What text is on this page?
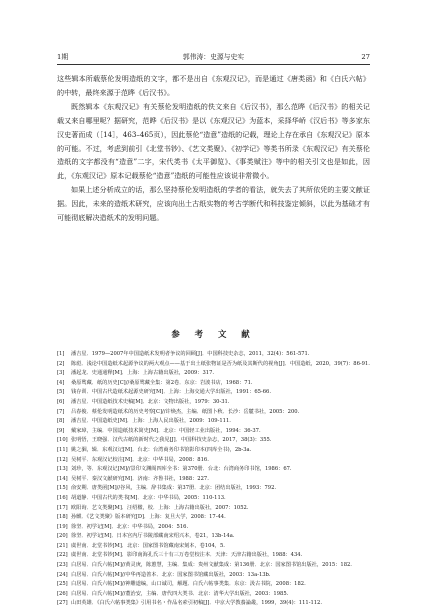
1期	郭伟涛：史源与史实	27

这些辑本所载蔡伦发明造纸的文字，都不是出自《东观汉记》，而是通过《唐类函》和《白氏六帖》的中转，最终来源于范晔《后汉书》。

既然辑本《东观汉记》有关蔡伦发明造纸的佚文来自《后汉书》，那么范晔《后汉书》的相关记载又来自哪里呢？据研究，范晔《后汉书》是以《东观汉记》为蓝本，采择华峤《汉后书》等多家东汉史著而成（［14］，463–465页），因此蔡伦“造意”造纸的记载，理论上存在承自《东观汉记》原本的可能。不过，考虑到前引《北堂书钞》、《艺文类聚》、《初学记》等类书所录《东观汉记》有关蔡伦造纸的文字都没有“造意”二字，宋代类书《太平御览》、《事类赋注》等中的相关引文也是如此，因此，《东观汉记》原本记载蔡伦“造意”造纸的可能性应该说非常微小。

如果上述分析成立的话，那么坚持蔡伦发明造纸的学者的看法，就失去了其所依凭的主要文献证据。因此，未来的造纸术研究，应该向出土古纸实物的考古学断代和科技鉴定倾斜，以此为基础才有可能彻底解决造纸术的发明问题。

参 考 文 献
[1] 潘吉星．1979—2007年中国造纸术发明者争议的回顾[J]．中国科技史杂志，2011，32(4)：561-571.
[2] 陈彪．浅论中国造纸术起源争议的两大观点——基于出土纸张物证是否为纸及其断代的视角[J]．中国造纸，2020，39(7)：86-91.
[3] 潘起龙．史通通释[M]．上海：上海古籍出版社，2009：317.
[4] 桑原骘藏．纸的历史[C]//桑原骘藏全集：第2卷．东京：岩波书店，1968：71.
[5] 钱存训．中国古代造纸术起源史研究[M]．上海：上海交通大学出版社，1991：65-66.
[6] 潘吉星．中国造纸技术史稿[M]．北京：文物出版社，1979：30-31.
[7] 吕春俊．蔡伦发明造纸术的历史考察[C]//许焕杰，主编．纸图卜秋．长沙：岳麓书社，2005：200.
[8] 潘吉星．中国造纸史[M]．上海：上海人民出版社，2009：109-111.
[9] 戴家璋，主编．中国造纸技术简史[M]．北京：中国轻工业出版社，1994：36-37.
[10] 张明悟，王晓强．汉代古纸的新时代之我见[J]．中国科技史杂志，2017，38(3)：355.
[11] 姚之骃，辑．东观汉记[M]．台北：台湾商务印书馆影印本(四库全书)，2b-3a.
[12] 吴树平．东观汉记校注[M]．北京：中华书局，2008：816.
[13] 刘珍，等．东观汉记[M]//景印文渊阁四库全书：第370册．台北：台湾商务印书馆，1986：67.
[14] 吴树平．秦汉文献研究[M]．济南：齐鲁书社，1988：227.
[15] 俞安期．唐类函[M]//谷风，主编．辞书集成：第37册．北京：团结出版社，1993：792.
[16] 胡道静．中国古代的类书[M]．北京：中华书局，2005：110-113.
[17] 欧阳询．艺文类聚[M]．汪绍楹，校．上海：上海古籍出版社，2007：1052.
[18] 孙麒．《艺文类聚》版本研究[D]．上海：复旦大学，2008：17-44.
[19] 徐坚．初学记[M]．北京：中华书局，2004：516.
[20] 徐坚．初学记[M]．日本宫内厅书陵部藏南宋绍兴本，卷21，13b-14a.
[21] 虞世南．北堂书钞[M]．北京：国家图书馆藏南宋刻本，卷104，5.
[22] 虞世南．北堂书钞[M]．影印南海孔氏三十有三万卷堂校注本．天津：天津古籍出版社，1988：434.
[23] 白居易．白氏六帖[M]//黄灵庚，陈蕙慧，主编．集成：贵州文献集成：第136册．北京：国家图书馆出版社，2015：182.
[24] 白居易．白氏六帖[M]//中华再造善本．北京：国家图书馆藏出版社，2003：13a-13b.
[25] 白居易．白氏六帖[M]//神雕道编，山口诚司，解题．白氏六帖事类集．东京：汲古书院，2008：182.
[26] 白居易．白氏六帖[M]//董治安，主编．唐代四大类书．北京：清华大学出版社，2003：1985.
[27] 山田英雄．《白氏六帖事类集》引用书名・作品名索引初稿[J]．中京大学教養論叢，1999，39(4)：111-112.
